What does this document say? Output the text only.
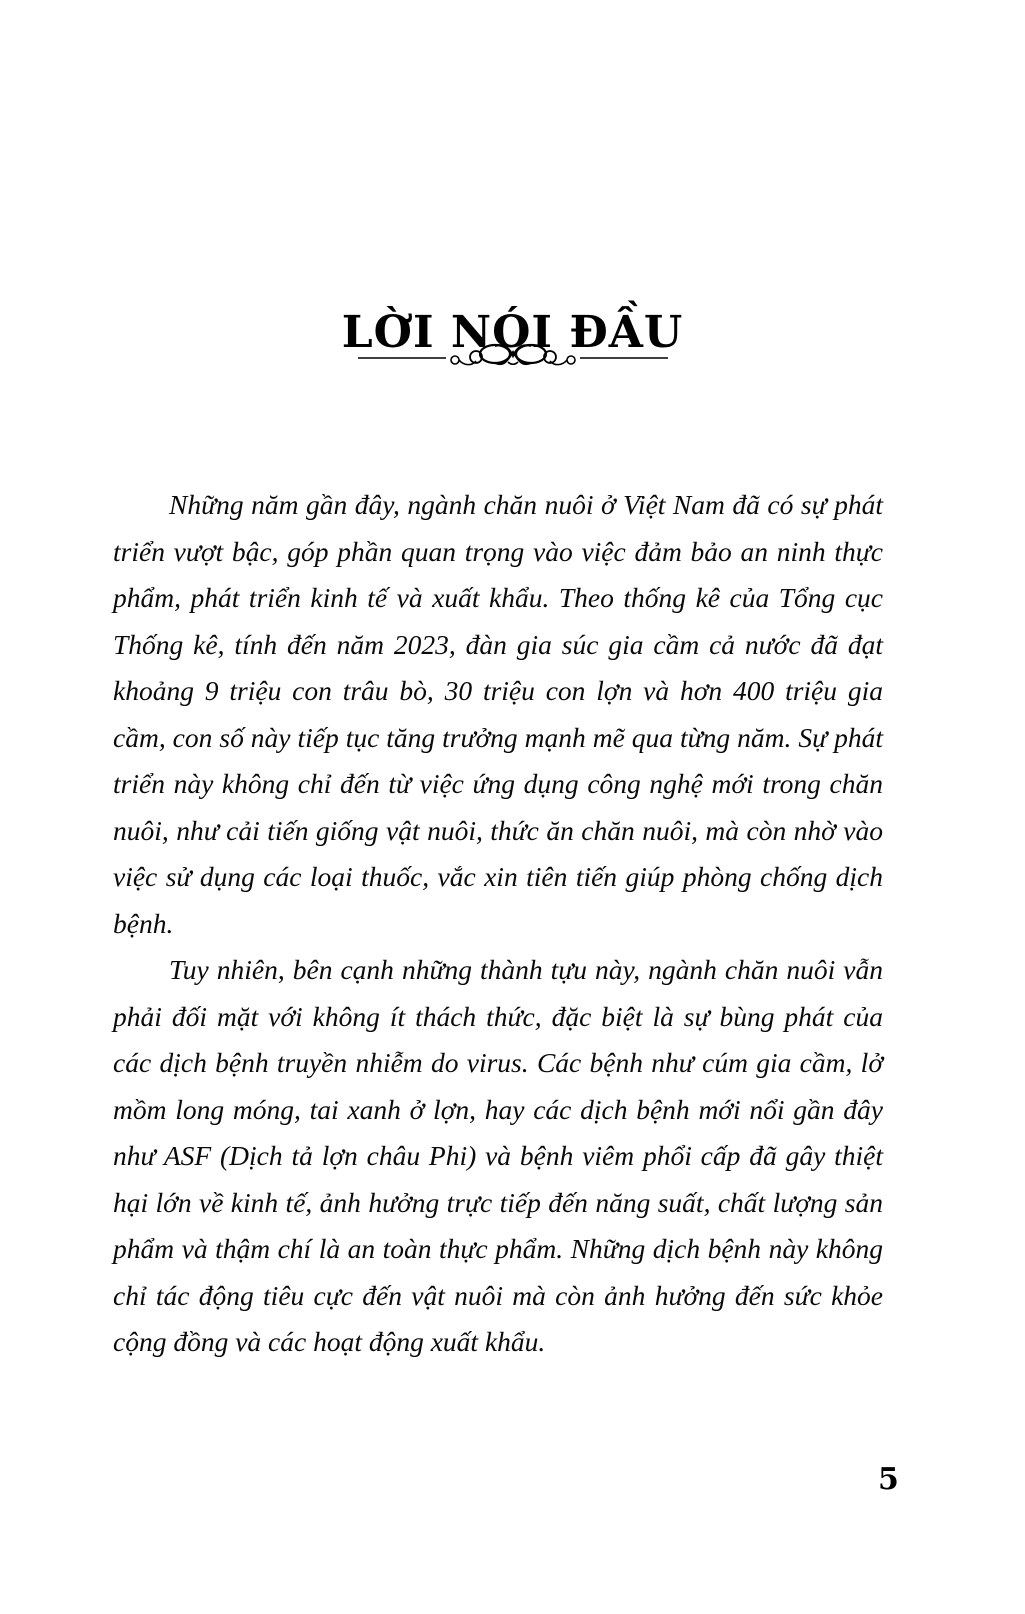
LỜI NÓI ĐẦU

Những năm gần đây, ngành chăn nuôi ở Việt Nam đã có sự phát triển vượt bậc, góp phần quan trọng vào việc đảm bảo an ninh thực phẩm, phát triển kinh tế và xuất khẩu. Theo thống kê của Tổng cục Thống kê, tính đến năm 2023, đàn gia súc gia cầm cả nước đã đạt khoảng 9 triệu con trâu bò, 30 triệu con lợn và hơn 400 triệu gia cầm, con số này tiếp tục tăng trưởng mạnh mẽ qua từng năm. Sự phát triển này không chỉ đến từ việc ứng dụng công nghệ mới trong chăn nuôi, như cải tiến giống vật nuôi, thức ăn chăn nuôi, mà còn nhờ vào việc sử dụng các loại thuốc, vắc xin tiên tiến giúp phòng chống dịch bệnh.

Tuy nhiên, bên cạnh những thành tựu này, ngành chăn nuôi vẫn phải đối mặt với không ít thách thức, đặc biệt là sự bùng phát của các dịch bệnh truyền nhiễm do virus. Các bệnh như cúm gia cầm, lở mồm long móng, tai xanh ở lợn, hay các dịch bệnh mới nổi gần đây như ASF (Dịch tả lợn châu Phi) và bệnh viêm phổi cấp đã gây thiệt hại lớn về kinh tế, ảnh hưởng trực tiếp đến năng suất, chất lượng sản phẩm và thậm chí là an toàn thực phẩm. Những dịch bệnh này không chỉ tác động tiêu cực đến vật nuôi mà còn ảnh hưởng đến sức khỏe cộng đồng và các hoạt động xuất khẩu.

5
